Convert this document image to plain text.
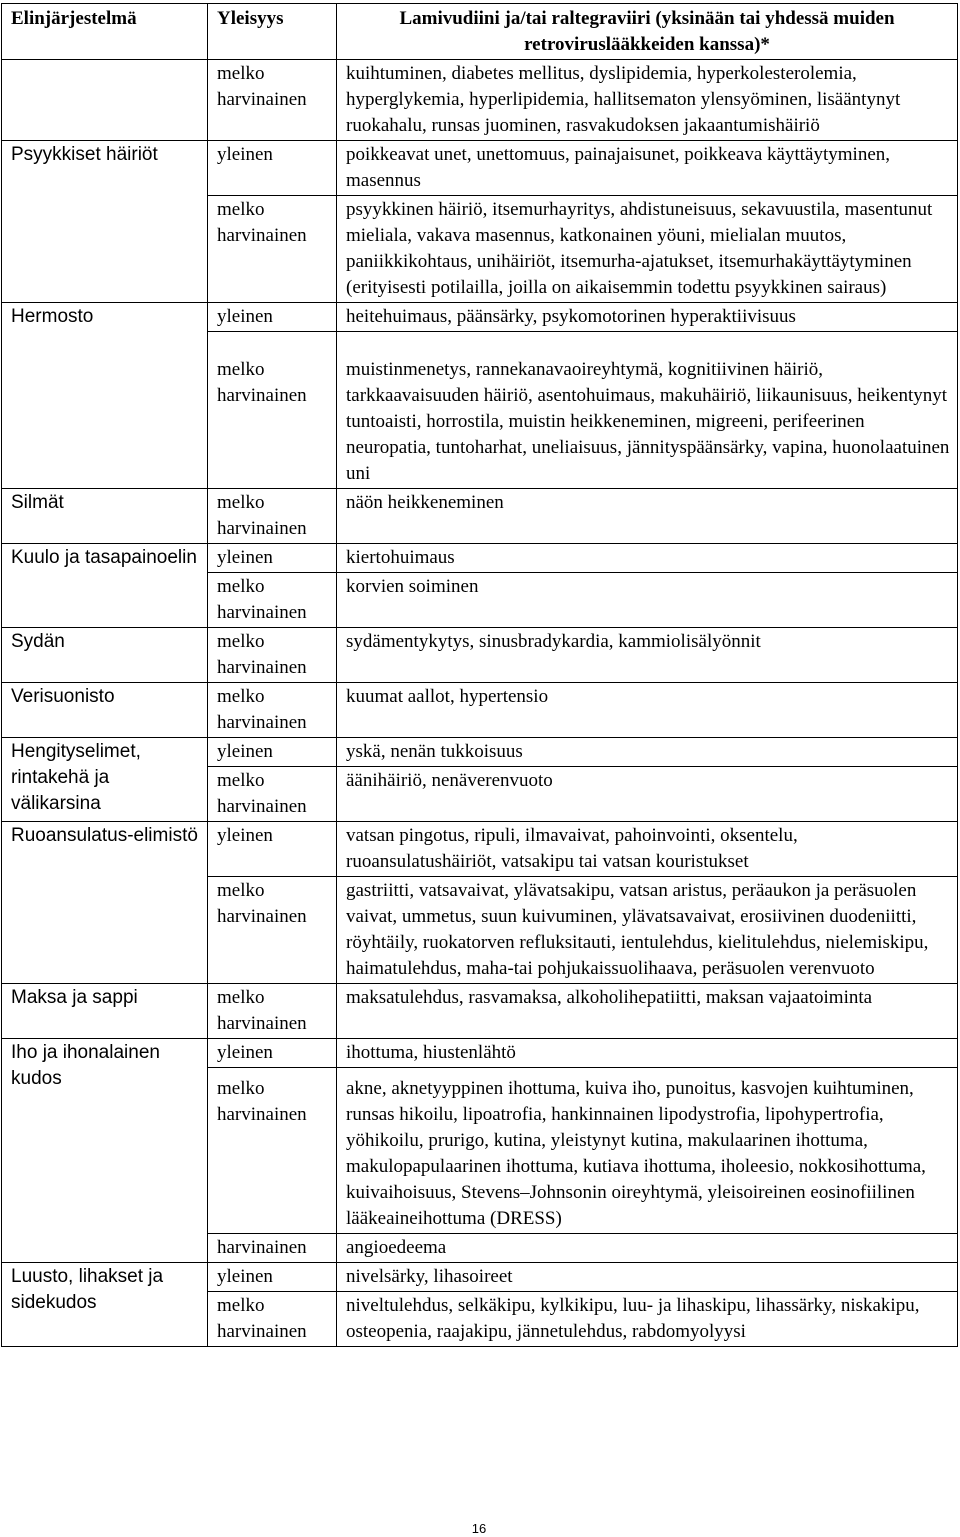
Elinjärjestelmä	Yleisyys	Lamivudiini ja/tai raltegraviiri (yksinään tai yhdessä muiden retroviruslääkkeiden kanssa)*
	melko harvinainen	kuihtuminen, diabetes mellitus, dyslipidemia, hyperkolesterolemia, hyperglykemia, hyperlipidemia, hallitsematon ylensyöminen, lisääntynyt ruokahalu, runsas juominen, rasvakudoksen jakaantumishäiriö
Psyykkiset häiriöt	yleinen	poikkeavat unet, unettomuus, painajaisunet, poikkeava käyttäytyminen, masennus
	melko harvinainen	psyykkinen häiriö, itsemurhayritys, ahdistuneisuus, sekavuustila, masentunut mieliala, vakava masennus, katkonainen yöuni, mielialan muutos, paniikkikohtaus, unihäiriöt, itsemurha-ajatukset, itsemurhakäyttäytyminen (erityisesti potilailla, joilla on aikaisemmin todettu psyykkinen sairaus)
Hermosto	yleinen	heitehuimaus, päänsärky, psykomotorinen hyperaktiivisuus
	melko harvinainen	muistinmenetys, rannekanavaoireyhtymä, kognitiivinen häiriö, tarkkaavaisuuden häiriö, asentohuimaus, makuhäiriö, liikaunisuus, heikentynyt tuntoaisti, horrostila, muistin heikkeneminen, migreeni, perifeerinen neuropatia, tuntoharhat, uneliaisuus, jännityspäänsärky, vapina, huonolaatuinen uni
Silmät	melko harvinainen	näön heikkeneminen
Kuulo ja tasapainoelin	yleinen	kiertohuimaus
	melko harvinainen	korvien soiminen
Sydän	melko harvinainen	sydämentykytys, sinusbradykardia, kammiolisälyönnit
Verisuonisto	melko harvinainen	kuumat aallot, hypertensio
Hengityselimet, rintakehä ja välikarsina	yleinen	yskä, nenän tukkoisuus
	melko harvinainen	äänihäiriö, nenäverenvuoto
Ruoansulatus-elimistö	yleinen	vatsan pingotus, ripuli, ilmavaivat, pahoinvointi, oksentelu, ruoansulatushäiriöt, vatsakipu tai vatsan kouristukset
	melko harvinainen	gastriitti, vatsavaivat, ylävatsakipu, vatsan aristus, peräaukon ja peräsuolen vaivat, ummetus, suun kuivuminen, ylävatsavaivat, erosiivinen duodeniitti, röyhtäily, ruokatorven refluksitauti, ientulehdus, kielitulehdus, nielemiskipu, haimatulehdus, maha-tai pohjukaissuolihaava, peräsuolen verenvuoto
Maksa ja sappi	melko harvinainen	maksatulehdus, rasvamaksa, alkoholihepatiitti, maksan vajaatoiminta
Iho ja ihonalainen kudos	yleinen	ihottuma, hiustenlähtö
	melko harvinainen	akne, aknetyyppinen ihottuma, kuiva iho, punoitus, kasvojen kuihtuminen, runsas hikoilu, lipoatrofia, hankinnainen lipodystrofia, lipohypertrofia, yöhikoilu, prurigo, kutina, yleistynyt kutina, makulaarinen ihottuma, makulopapulaarinen ihottuma, kutiava ihottuma, iholeesio, nokkosihottuma, kuivaihoisuus, Stevens–Johnsonin oireyhtymä, yleisoireinen eosinofiilinen lääkeaineihottuma (DRESS)
	harvinainen	angioedeema
Luusto, lihakset ja sidekudos	yleinen	nivelsärky, lihasoireet
	melko harvinainen	niveltulehdus, selkäkipu, kylkikipu, luu- ja lihaskipu, lihassärky, niskakipu, osteopenia, raajakipu, jännetulehdus, rabdomyolyysi
16
